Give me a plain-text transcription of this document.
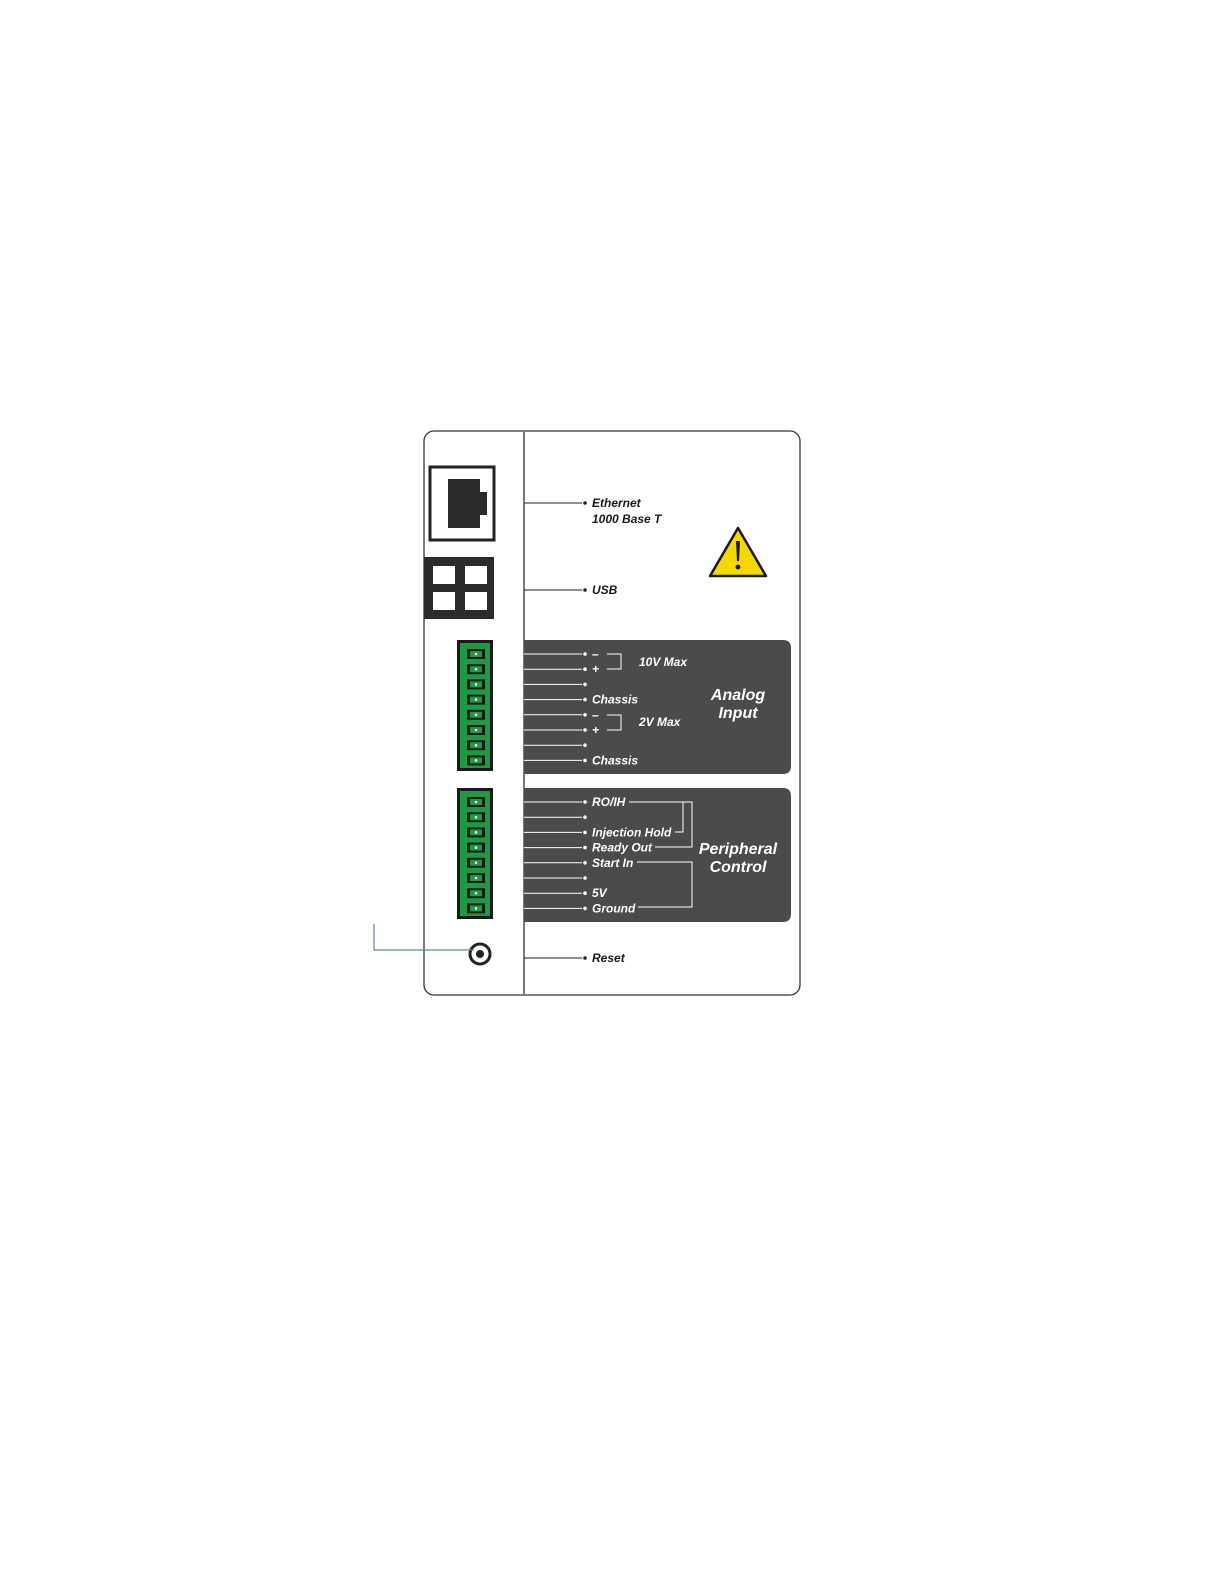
Ethernet
1000 Base T
USB
–
+
Chassis
–
+
Chassis
10V Max
2V Max
Analog
Input
RO/IH
Injection Hold
Ready Out
Start In
5V
Ground
Peripheral
Control
Reset
